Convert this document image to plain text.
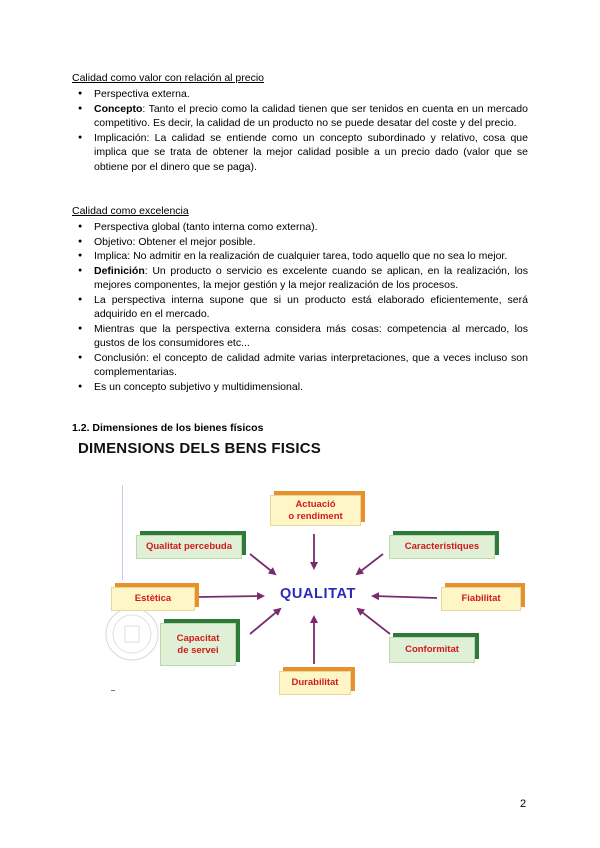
Calidad como valor con relación al precio
● Perspectiva externa.
● Concepto: Tanto el precio como la calidad tienen que ser tenidos en cuenta en un mercado competitivo. Es decir, la calidad de un producto no se puede desatar del coste y del precio.
● Implicación: La calidad se entiende como un concepto subordinado y relativo, cosa que implica que se trata de obtener la mejor calidad posible a un precio dado (valor que se obtiene por el dinero que se paga).
Calidad como excelencia
● Perspectiva global (tanto interna como externa).
● Objetivo: Obtener el mejor posible.
● Implica: No admitir en la realización de cualquier tarea, todo aquello que no sea lo mejor.
● Definición: Un producto o servicio es excelente cuando se aplican, en la realización, los mejores componentes, la mejor gestión y la mejor realización de los procesos.
● La perspectiva interna supone que si un producto está elaborado eficientemente, será adquirido en el mercado.
● Mientras que la perspectiva externa considera más cosas: competencia al mercado, los gustos de los consumidores etc...
● Conclusión: el concepto de calidad admite varias interpretaciones, que a veces incluso son complementarias.
● Es un concepto subjetivo y multidimensional.
1.2. Dimensiones de los bienes físicos
DIMENSIONS DELS BENS FISICS
QUALITAT
Actuació
o rendiment
Qualitat percebuda	Característiques
Estètica	Fiabilitat
Capacitat
de servei	Conformitat
Durabilitat
2
